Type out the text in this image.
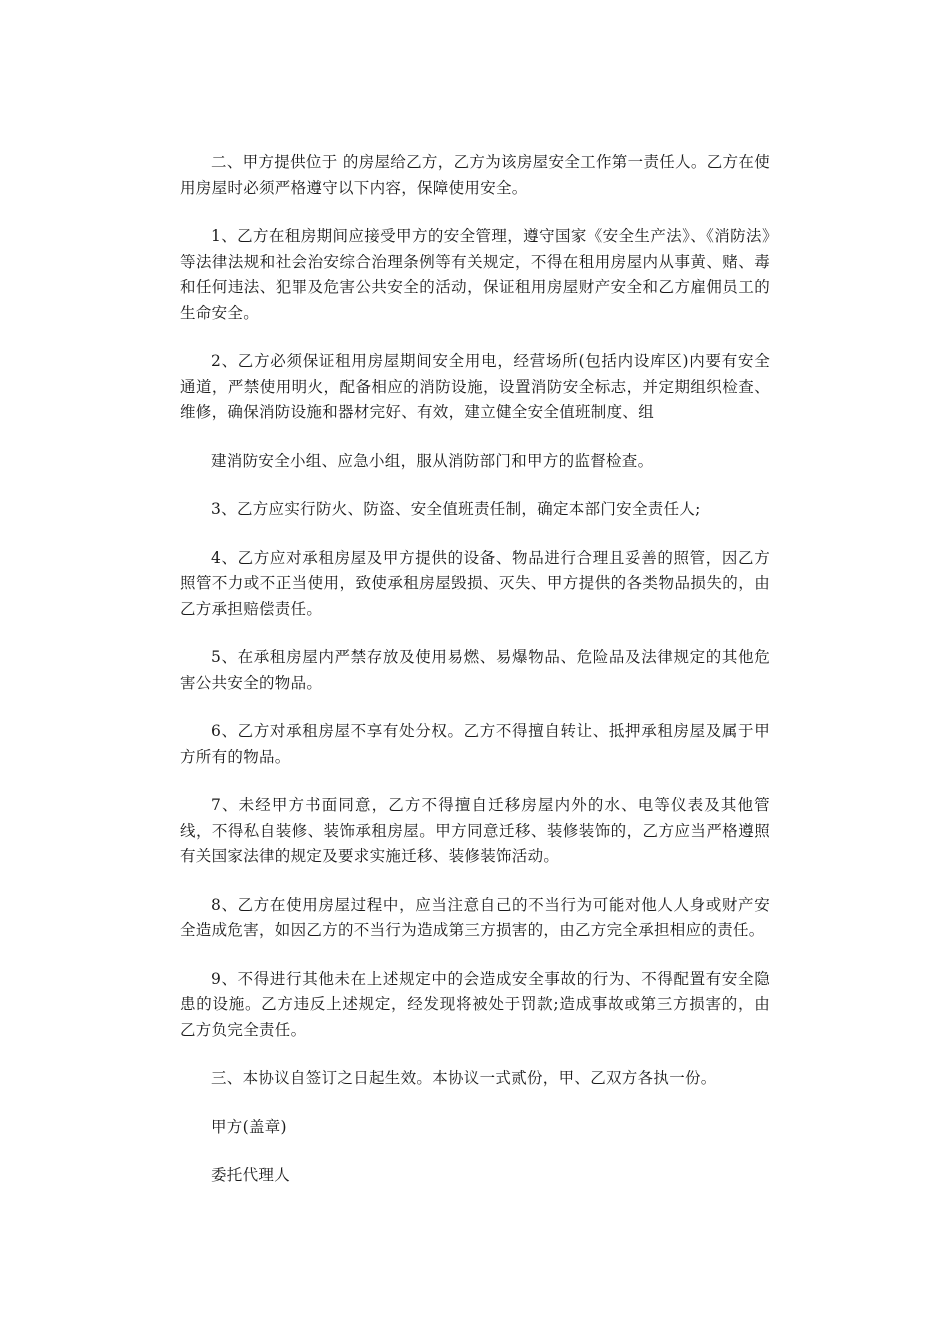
二、甲方提供位于 的房屋给乙方，乙方为该房屋安全工作第一责任人。乙方在使用房屋时必须严格遵守以下内容，保障使用安全。

1、乙方在租房期间应接受甲方的安全管理，遵守国家《安全生产法》、《消防法》等法律法规和社会治安综合治理条例等有关规定，不得在租用房屋内从事黄、赌、毒和任何违法、犯罪及危害公共安全的活动，保证租用房屋财产安全和乙方雇佣员工的生命安全。

2、乙方必须保证租用房屋期间安全用电，经营场所(包括内设库区)内要有安全通道，严禁使用明火，配备相应的消防设施，设置消防安全标志，并定期组织检查、维修，确保消防设施和器材完好、有效，建立健全安全值班制度、组

建消防安全小组、应急小组，服从消防部门和甲方的监督检查。

3、乙方应实行防火、防盗、安全值班责任制，确定本部门安全责任人;

4、乙方应对承租房屋及甲方提供的设备、物品进行合理且妥善的照管，因乙方照管不力或不正当使用，致使承租房屋毁损、灭失、甲方提供的各类物品损失的，由乙方承担赔偿责任。

5、在承租房屋内严禁存放及使用易燃、易爆物品、危险品及法律规定的其他危害公共安全的物品。

6、乙方对承租房屋不享有处分权。乙方不得擅自转让、抵押承租房屋及属于甲方所有的物品。

7、未经甲方书面同意，乙方不得擅自迁移房屋内外的水、电等仪表及其他管线，不得私自装修、装饰承租房屋。甲方同意迁移、装修装饰的，乙方应当严格遵照有关国家法律的规定及要求实施迁移、装修装饰活动。

8、乙方在使用房屋过程中，应当注意自己的不当行为可能对他人人身或财产安全造成危害，如因乙方的不当行为造成第三方损害的，由乙方完全承担相应的责任。

9、不得进行其他未在上述规定中的会造成安全事故的行为、不得配置有安全隐患的设施。乙方违反上述规定，经发现将被处于罚款;造成事故或第三方损害的，由乙方负完全责任。

三、本协议自签订之日起生效。本协议一式贰份，甲、乙双方各执一份。

甲方(盖章)

委托代理人
